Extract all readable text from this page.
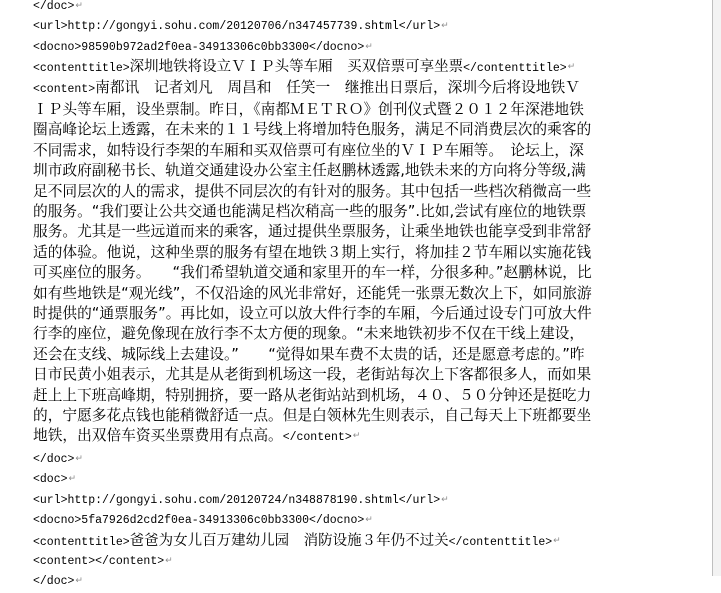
</doc>↵
<url>http://gongyi.sohu.com/20120706/n347457739.shtml</url>↵
<docno>98590b972ad2f0ea-34913306c0bb3300</docno>↵
<contenttitle>深圳地铁将设立ＶＩＰ头等车厢　买双倍票可享坐票</contenttitle>↵
<content>南都讯　记者刘凡　周昌和　任笑一　继推出日票后，深圳今后将设地铁ＶＩＰ头等车厢，设坐票制。昨日，《南都ＭＥＴＲＯ》创刊仪式暨２０１２年深港地铁圈高峰论坛上透露，在未来的１１号线上将增加特色服务，满足不同消费层次的乘客的不同需求，如特设行李架的车厢和买双倍票可有座位坐的ＶＩＰ车厢等。　论坛上，深圳市政府副秘书长、轨道交通建设办公室主任赵鹏林透露,地铁未来的方向将分等级,满足不同层次的人的需求，提供不同层次的有针对的服务。其中包括一些档次稍微高一些的服务。“我们要让公共交通也能满足档次稍高一些的服务”.比如,尝试有座位的地铁票服务。尤其是一些远道而来的乘客，通过提供坐票服务，让乘坐地铁也能享受到非常舒适的体验。他说，这种坐票的服务有望在地铁３期上实行，将加挂２节车厢以实施花钱可买座位的服务。　　“我们希望轨道交通和家里开的车一样，分很多种。”赵鹏林说，比如有些地铁是“观光线”，不仅沿途的风光非常好，还能凭一张票无数次上下，如同旅游时提供的“通票服务”。再比如，设立可以放大件行李的车厢，今后通过设专门可放大件行李的座位，避免像现在放行李不太方便的现象。“未来地铁初步不仅在干线上建设，还会在支线、城际线上去建设。”　　“觉得如果车费不太贵的话，还是愿意考虑的。”昨日市民黄小姐表示，尤其是从老街到机场这一段，老街站每次上下客都很多人，而如果赶上上下班高峰期，特别拥挤，要一路从老街站站到机场，４０、５０分钟还是挺吃力的，宁愿多花点钱也能稍微舒适一点。但是白领林先生则表示，自己每天上下班都要坐地铁，出双倍车资买坐票费用有点高。</content>↵
</doc>↵
<doc>↵
<url>http://gongyi.sohu.com/20120724/n348878190.shtml</url>↵
<docno>5fa7926d2cd2f0ea-34913306c0bb3300</docno>↵
<contenttitle>爸爸为女儿百万建幼儿园　消防设施３年仍不过关</contenttitle>↵
<content></content>↵
</doc>↵
